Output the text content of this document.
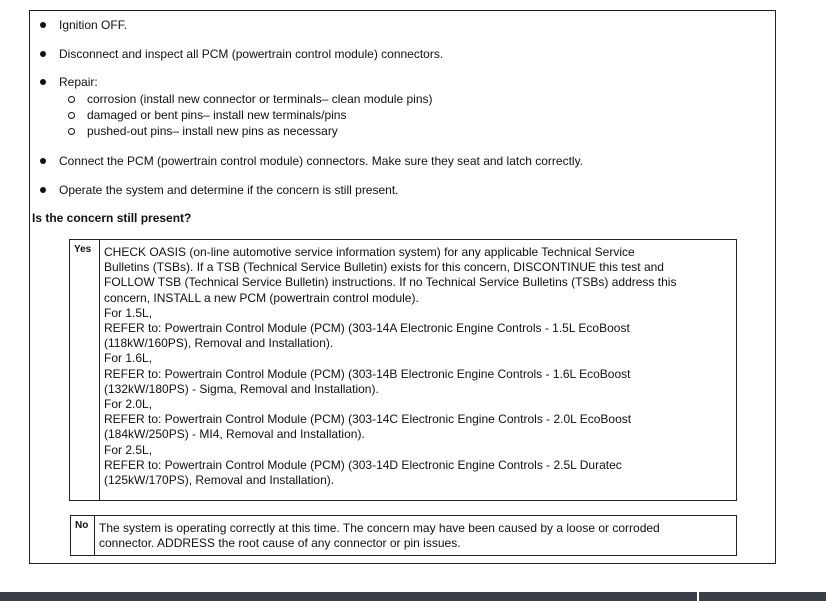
Ignition OFF.
Disconnect and inspect all PCM (powertrain control module) connectors.
Repair:
corrosion (install new connector or terminals– clean module pins)
damaged or bent pins– install new terminals/pins
pushed-out pins– install new pins as necessary
Connect the PCM (powertrain control module) connectors. Make sure they seat and latch correctly.
Operate the system and determine if the concern is still present.
Is the concern still present?
Yes	CHECK OASIS (on-line automotive service information system) for any applicable Technical Service
Bulletins (TSBs). If a TSB (Technical Service Bulletin) exists for this concern, DISCONTINUE this test and
FOLLOW TSB (Technical Service Bulletin) instructions. If no Technical Service Bulletins (TSBs) address this
concern, INSTALL a new PCM (powertrain control module).
For 1.5L,
REFER to: Powertrain Control Module (PCM) (303-14A Electronic Engine Controls - 1.5L EcoBoost
(118kW/160PS), Removal and Installation).
For 1.6L,
REFER to: Powertrain Control Module (PCM) (303-14B Electronic Engine Controls - 1.6L EcoBoost
(132kW/180PS) - Sigma, Removal and Installation).
For 2.0L,
REFER to: Powertrain Control Module (PCM) (303-14C Electronic Engine Controls - 2.0L EcoBoost
(184kW/250PS) - MI4, Removal and Installation).
For 2.5L,
REFER to: Powertrain Control Module (PCM) (303-14D Electronic Engine Controls - 2.5L Duratec
(125kW/170PS), Removal and Installation).
No The system is operating correctly at this time. The concern may have been caused by a loose or corroded
connector. ADDRESS the root cause of any connector or pin issues.
